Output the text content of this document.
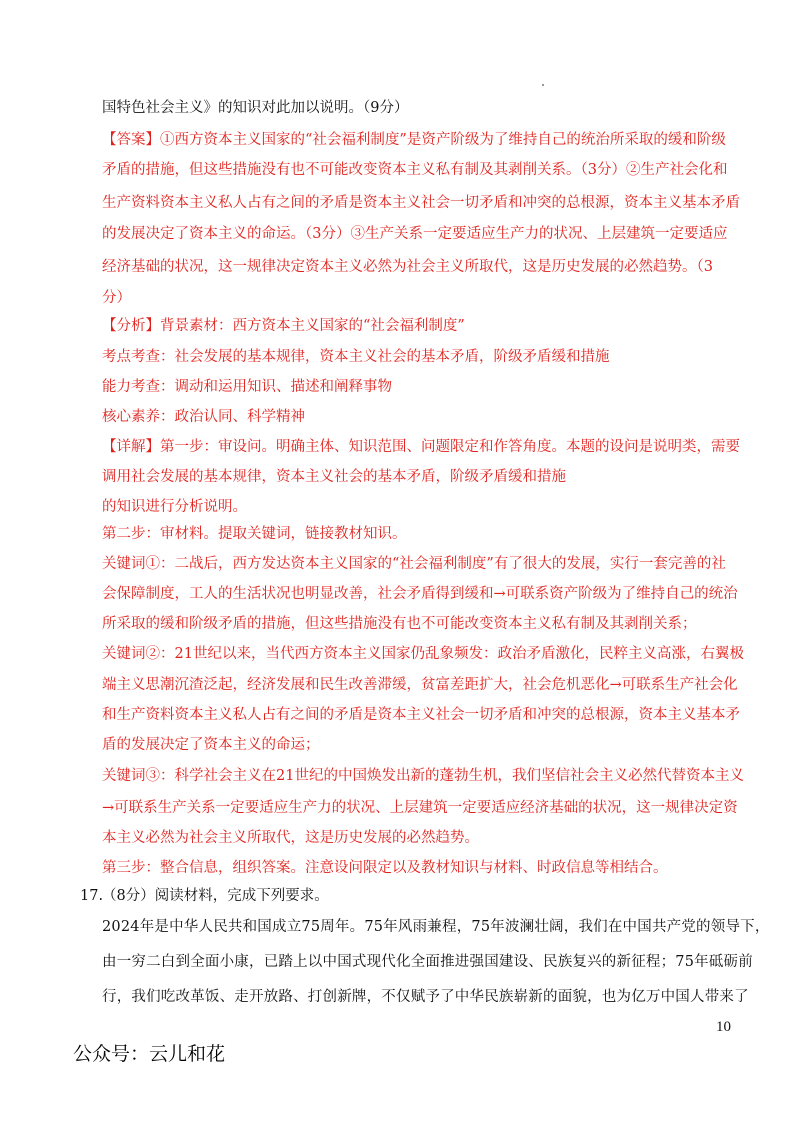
国特色社会主义》的知识对此加以说明。（9分）
【答案】①西方资本主义国家的“社会福利制度”是资产阶级为了维持自己的统治所采取的缓和阶级
矛盾的措施，但这些措施没有也不可能改变资本主义私有制及其剥削关系。（3分）②生产社会化和
生产资料资本主义私人占有之间的矛盾是资本主义社会一切矛盾和冲突的总根源，资本主义基本矛盾
的发展决定了资本主义的命运。（3分）③生产关系一定要适应生产力的状况、上层建筑一定要适应
经济基础的状况，这一规律决定资本主义必然为社会主义所取代，这是历史发展的必然趋势。（3
分）
【分析】背景素材：西方资本主义国家的“社会福利制度”
考点考查：社会发展的基本规律，资本主义社会的基本矛盾，阶级矛盾缓和措施
能力考查：调动和运用知识、描述和阐释事物
核心素养：政治认同、科学精神
【详解】第一步：审设问。明确主体、知识范围、问题限定和作答角度。本题的设问是说明类，需要
调用社会发展的基本规律，资本主义社会的基本矛盾，阶级矛盾缓和措施
的知识进行分析说明。
第二步：审材料。提取关键词，链接教材知识。
关键词①：二战后，西方发达资本主义国家的“社会福利制度”有了很大的发展，实行一套完善的社
会保障制度，工人的生活状况也明显改善，社会矛盾得到缓和→可联系资产阶级为了维持自己的统治
所采取的缓和阶级矛盾的措施，但这些措施没有也不可能改变资本主义私有制及其剥削关系；
关键词②：21世纪以来，当代西方资本主义国家仍乱象频发：政治矛盾激化，民粹主义高涨，右翼极
端主义思潮沉渣泛起，经济发展和民生改善滞缓，贫富差距扩大，社会危机恶化→可联系生产社会化
和生产资料资本主义私人占有之间的矛盾是资本主义社会一切矛盾和冲突的总根源，资本主义基本矛
盾的发展决定了资本主义的命运；
关键词③：科学社会主义在21世纪的中国焕发出新的蓬勃生机，我们坚信社会主义必然代替资本主义
→可联系生产关系一定要适应生产力的状况、上层建筑一定要适应经济基础的状况，这一规律决定资
本主义必然为社会主义所取代，这是历史发展的必然趋势。
第三步：整合信息，组织答案。注意设问限定以及教材知识与材料、时政信息等相结合。
17.
（8分）阅读材料，完成下列要求。
2024年是中华人民共和国成立75周年。75年风雨兼程，75年波澜壮阔，我们在中国共产党的领导下，
由一穷二白到全面小康，已踏上以中国式现代化全面推进强国建设、民族复兴的新征程；75年砥砺前
行，我们吃改革饭、走开放路、打创新牌，不仅赋予了中华民族崭新的面貌，也为亿万中国人带来了
10
公众号：云儿和花
